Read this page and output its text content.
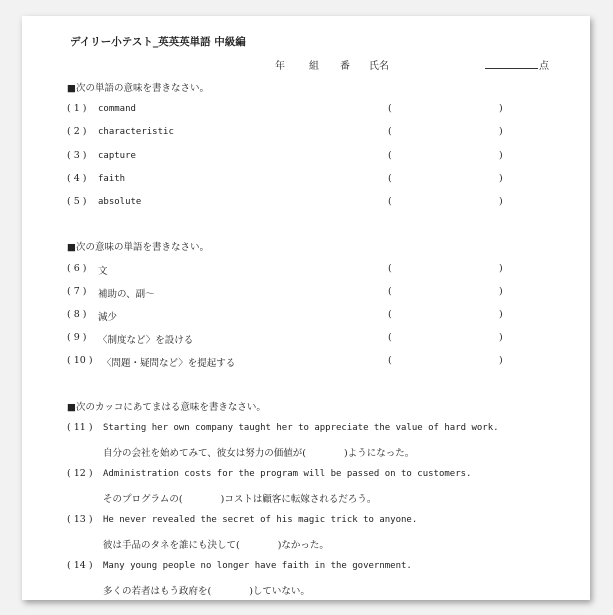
デイリー小テスト_英英英単語 中級編
年 組 番 氏名	点
■次の単語の意味を書きなさい。
( 1 ) command	(	)
( 2 ) characteristic	(	)
( 3 ) capture	(	)
( 4 ) faith	(	)
( 5 ) absolute	(	)
■次の意味の単語を書きなさい。
( 6 ) 文	(	)
( 7 ) 補助の、副～	(	)
( 8 ) 減少	(	)
( 9 ) 〈制度など〉を設ける	(	)
( 10 ) 〈問題・疑問など〉を提起する	(	)
■次のカッコにあてまはる意味を書きなさい。
( 11 ) Starting her own company taught her to appreciate the value of hard work.
自分の会社を始めてみて、彼女は努力の価値が(　　　　)ようになった。
( 12 ) Administration costs for the program will be passed on to customers.
そのプログラムの(　　　　)コストは顧客に転嫁されるだろう。
( 13 ) He never revealed the secret of his magic trick to anyone.
彼は手品のタネを誰にも決して(　　　　)なかった。
( 14 ) Many young people no longer have faith in the government.
多くの若者はもう政府を(　　　　)していない。
